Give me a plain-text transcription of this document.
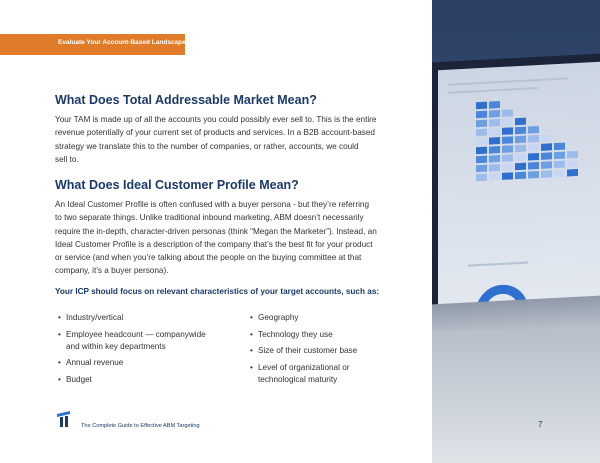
Evaluate Your Account-Based Landscape
What Does Total Addressable Market Mean?

Your TAM is made up of all the accounts you could possibly ever sell to. This is the entire
revenue potentially of your current set of products and services. In a B2B account-based
strategy we translate this to the number of companies, or rather, accounts, we could
sell to.

What Does Ideal Customer Profile Mean?

An Ideal Customer Profile is often confused with a buyer persona - but they’re referring
to two separate things. Unlike traditional inbound marketing, ABM doesn’t necessarily
require the in-depth, character-driven personas (think “Megan the Marketer”). Instead, an
Ideal Customer Profile is a description of the company that’s the best fit for your product
or service (and when you’re talking about the people on the buying committee at that
company, it’s a buyer persona).

Your ICP should focus on relevant characteristics of your target accounts, such as:
• Industry/vertical
• Employee headcount — companywide
and within key departments
• Annual revenue
• Budget
• Geography
• Technology they use
• Size of their customer base
• Level of organizational or
technological maturity
The Complete Guide to Effective ABM Targeting	7
